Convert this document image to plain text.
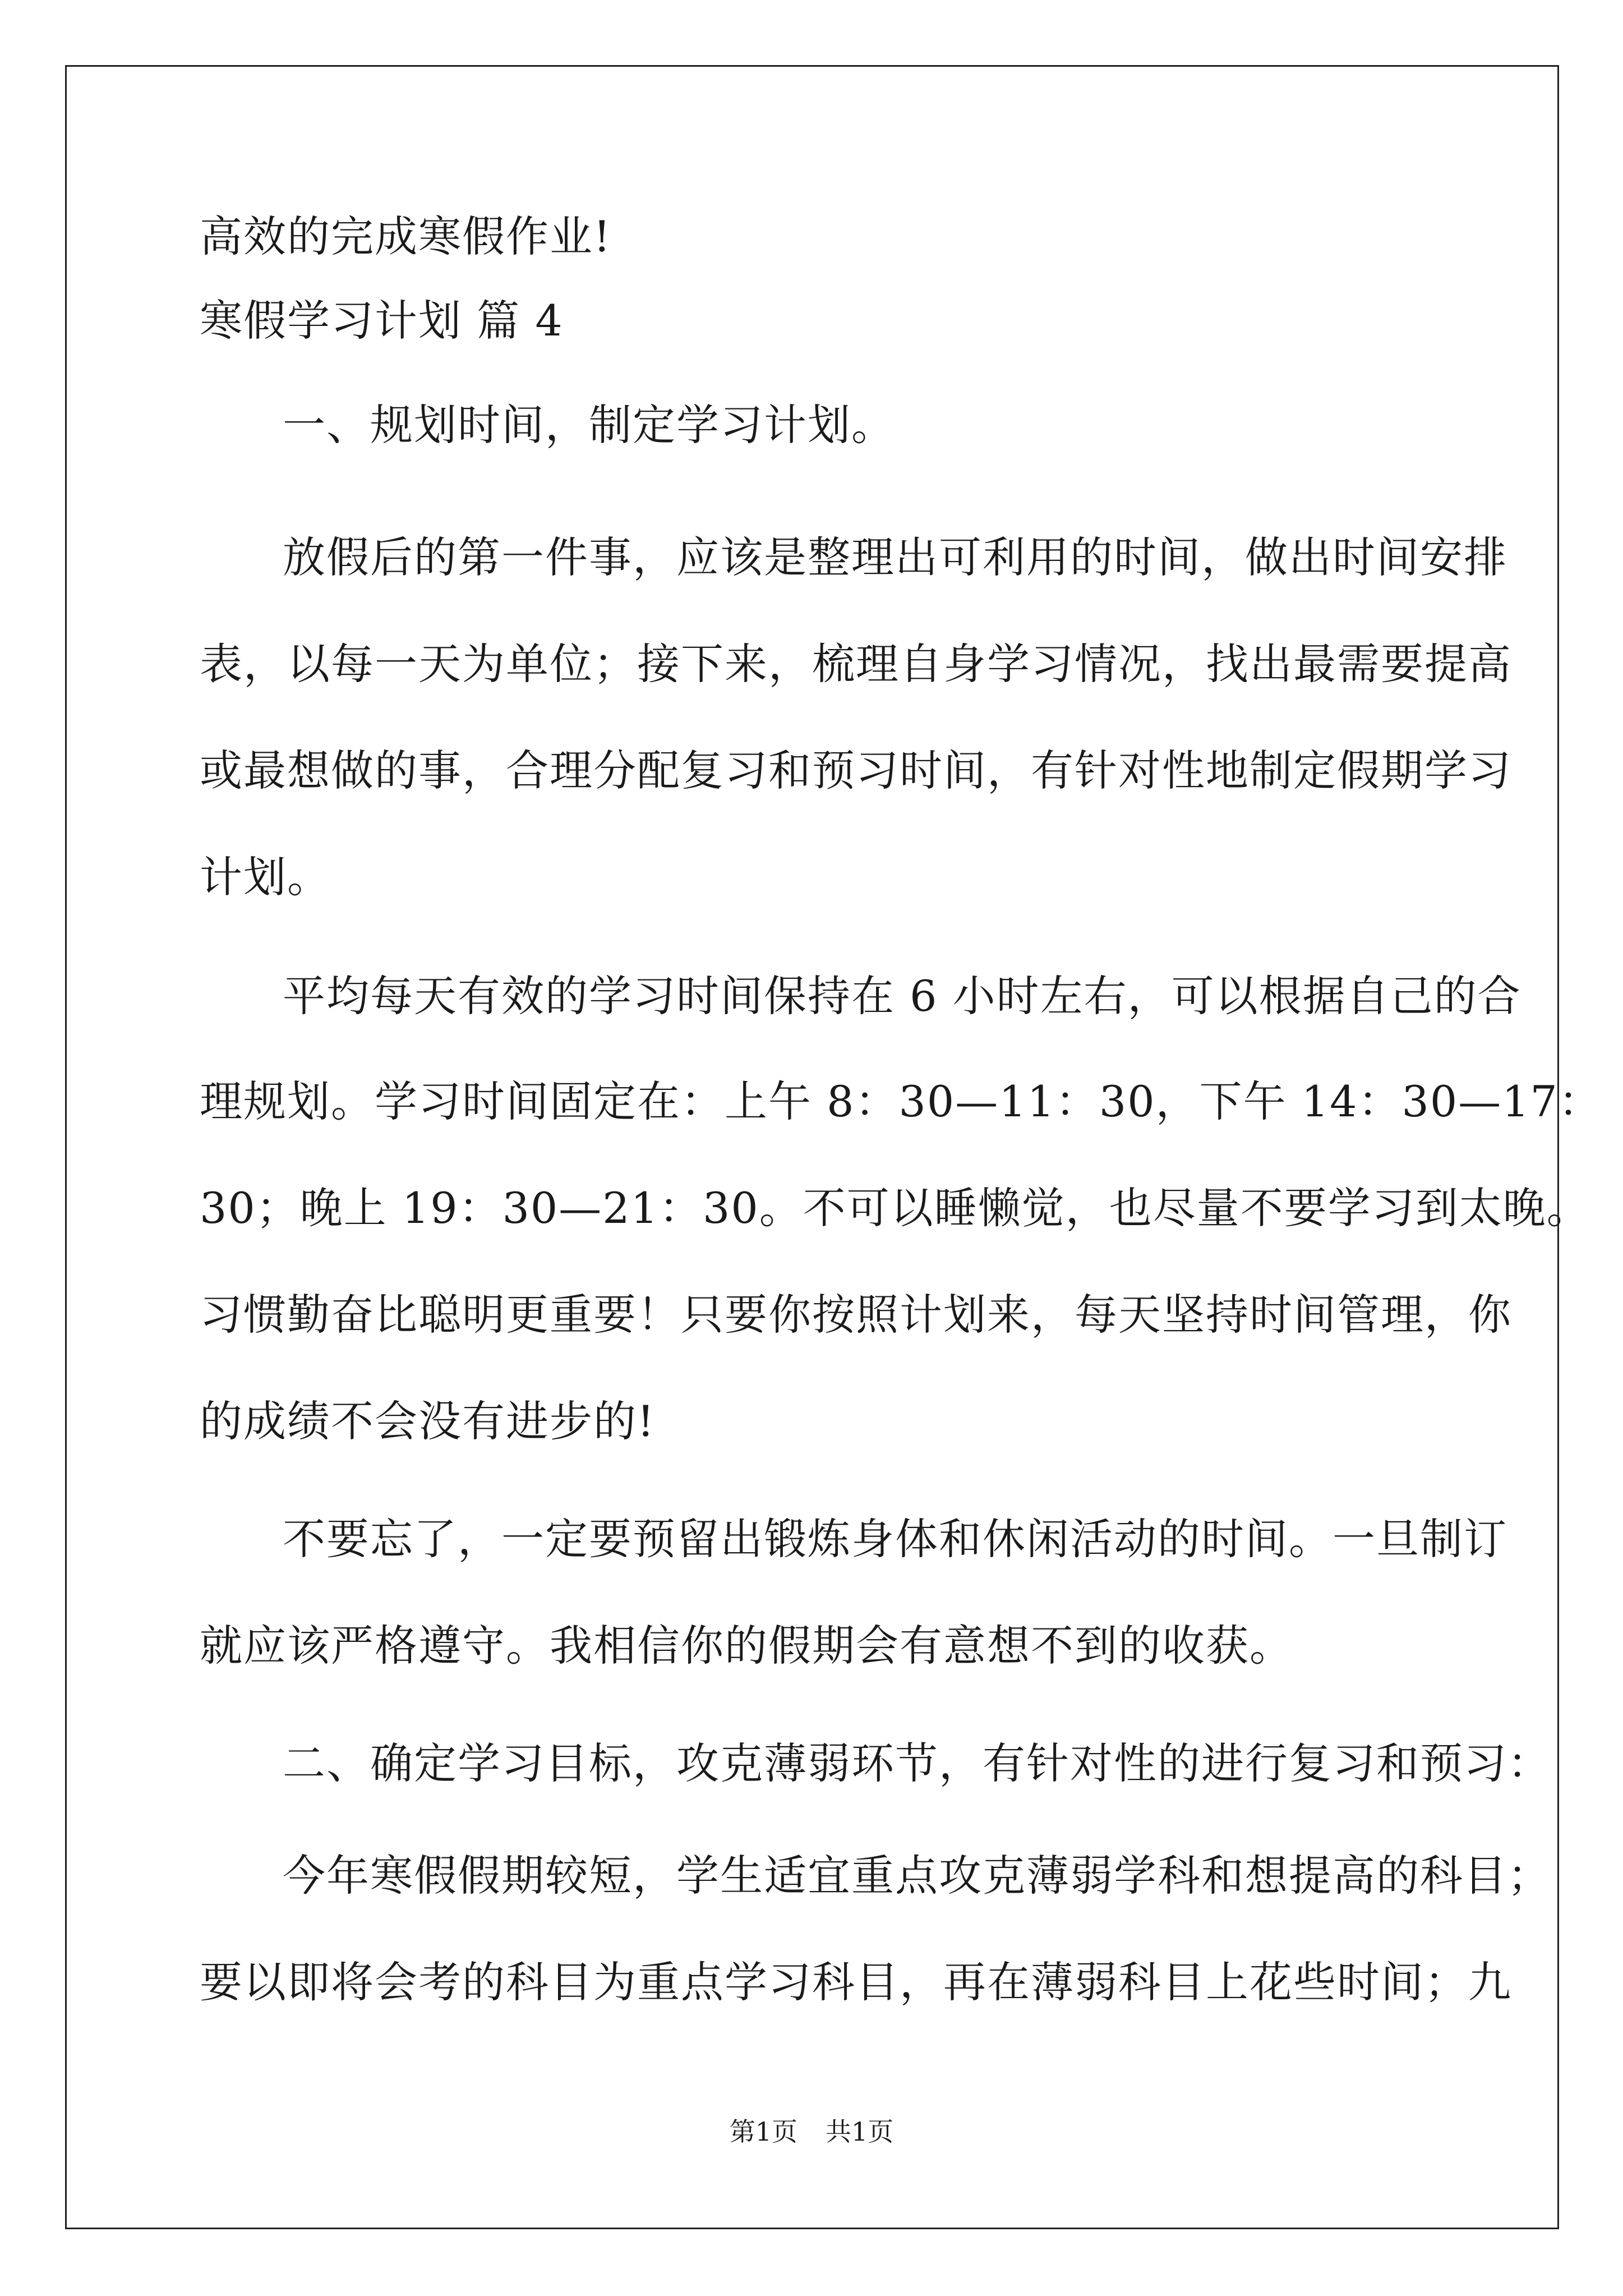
高效的完成寒假作业!
寒假学习计划 篇 4
一、规划时间，制定学习计划。
放假后的第一件事，应该是整理出可利用的时间，做出时间安排
表，以每一天为单位；接下来，梳理自身学习情况，找出最需要提高
或最想做的事，合理分配复习和预习时间，有针对性地制定假期学习
计划。
平均每天有效的学习时间保持在 6 小时左右，可以根据自己的合
理规划。学习时间固定在：上午 8：30—11：30，下午 14：30—17：
30；晚上 19：30—21：30。不可以睡懒觉，也尽量不要学习到太晚。
习惯勤奋比聪明更重要！只要你按照计划来，每天坚持时间管理，你
的成绩不会没有进步的!
不要忘了，一定要预留出锻炼身体和休闲活动的时间。一旦制订
就应该严格遵守。我相信你的假期会有意想不到的收获。
二、确定学习目标，攻克薄弱环节，有针对性的进行复习和预习：
今年寒假假期较短，学生适宜重点攻克薄弱学科和想提高的科目；
要以即将会考的科目为重点学习科目，再在薄弱科目上花些时间；九
第1页 共1页
